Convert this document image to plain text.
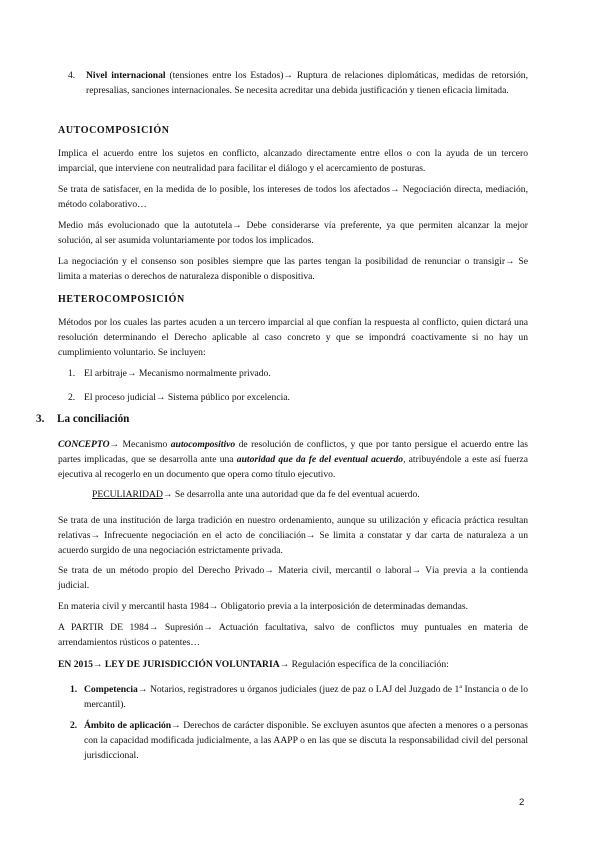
4. Nivel internacional (tensiones entre los Estados)→ Ruptura de relaciones diplomáticas, medidas de retorsión, represalias, sanciones internacionales. Se necesita acreditar una debida justificación y tienen eficacia limitada.
AUTOCOMPOSICIÓN

Implica el acuerdo entre los sujetos en conflicto, alcanzado directamente entre ellos o con la ayuda de un tercero imparcial, que interviene con neutralidad para facilitar el diálogo y el acercamiento de posturas.

Se trata de satisfacer, en la medida de lo posible, los intereses de todos los afectados→ Negociación directa, mediación, método colaborativo…

Medio más evolucionado que la autotutela→ Debe considerarse vía preferente, ya que permiten alcanzar la mejor solución, al ser asumida voluntariamente por todos los implicados.

La negociación y el consenso son posibles siempre que las partes tengan la posibilidad de renunciar o transigir→ Se limita a materias o derechos de naturaleza disponible o dispositiva.

HETEROCOMPOSICIÓN

Métodos por los cuales las partes acuden a un tercero imparcial al que confían la respuesta al conflicto, quien dictará una resolución determinando el Derecho aplicable al caso concreto y que se impondrá coactivamente si no hay un cumplimiento voluntario. Se incluyen:

1. El arbitraje→ Mecanismo normalmente privado.
2. El proceso judicial→ Sistema público por excelencia.
3. La conciliación

CONCEPTO→ Mecanismo autocompositivo de resolución de conflictos, y que por tanto persigue el acuerdo entre las partes implicadas, que se desarrolla ante una autoridad que da fe del eventual acuerdo, atribuyéndole a este así fuerza ejecutiva al recogerlo en un documento que opera como título ejecutivo.

PECULIARIDAD→ Se desarrolla ante una autoridad que da fe del eventual acuerdo.

Se trata de una institución de larga tradición en nuestro ordenamiento, aunque su utilización y eficacia práctica resultan relativas→ Infrecuente negociación en el acto de conciliación→ Se limita a constatar y dar carta de naturaleza a un acuerdo surgido de una negociación estrictamente privada.

Se trata de un método propio del Derecho Privado→ Materia civil, mercantil o laboral→ Vía previa a la contienda judicial.

En materia civil y mercantil hasta 1984→ Obligatorio previa a la interposición de determinadas demandas.

A PARTIR DE 1984→ Supresión→ Actuación facultativa, salvo de conflictos muy puntuales en materia de arrendamientos rústicos o patentes…

EN 2015→ LEY DE JURISDICCIÓN VOLUNTARIA→ Regulación específica de la conciliación:
1. Competencia→ Notarios, registradores u órganos judiciales (juez de paz o LAJ del Juzgado de 1ª Instancia o de lo mercantil).
2. Ámbito de aplicación→ Derechos de carácter disponible. Se excluyen asuntos que afecten a menores o a personas con la capacidad modificada judicialmente, a las AAPP o en las que se discuta la responsabilidad civil del personal jurisdiccional.
2
